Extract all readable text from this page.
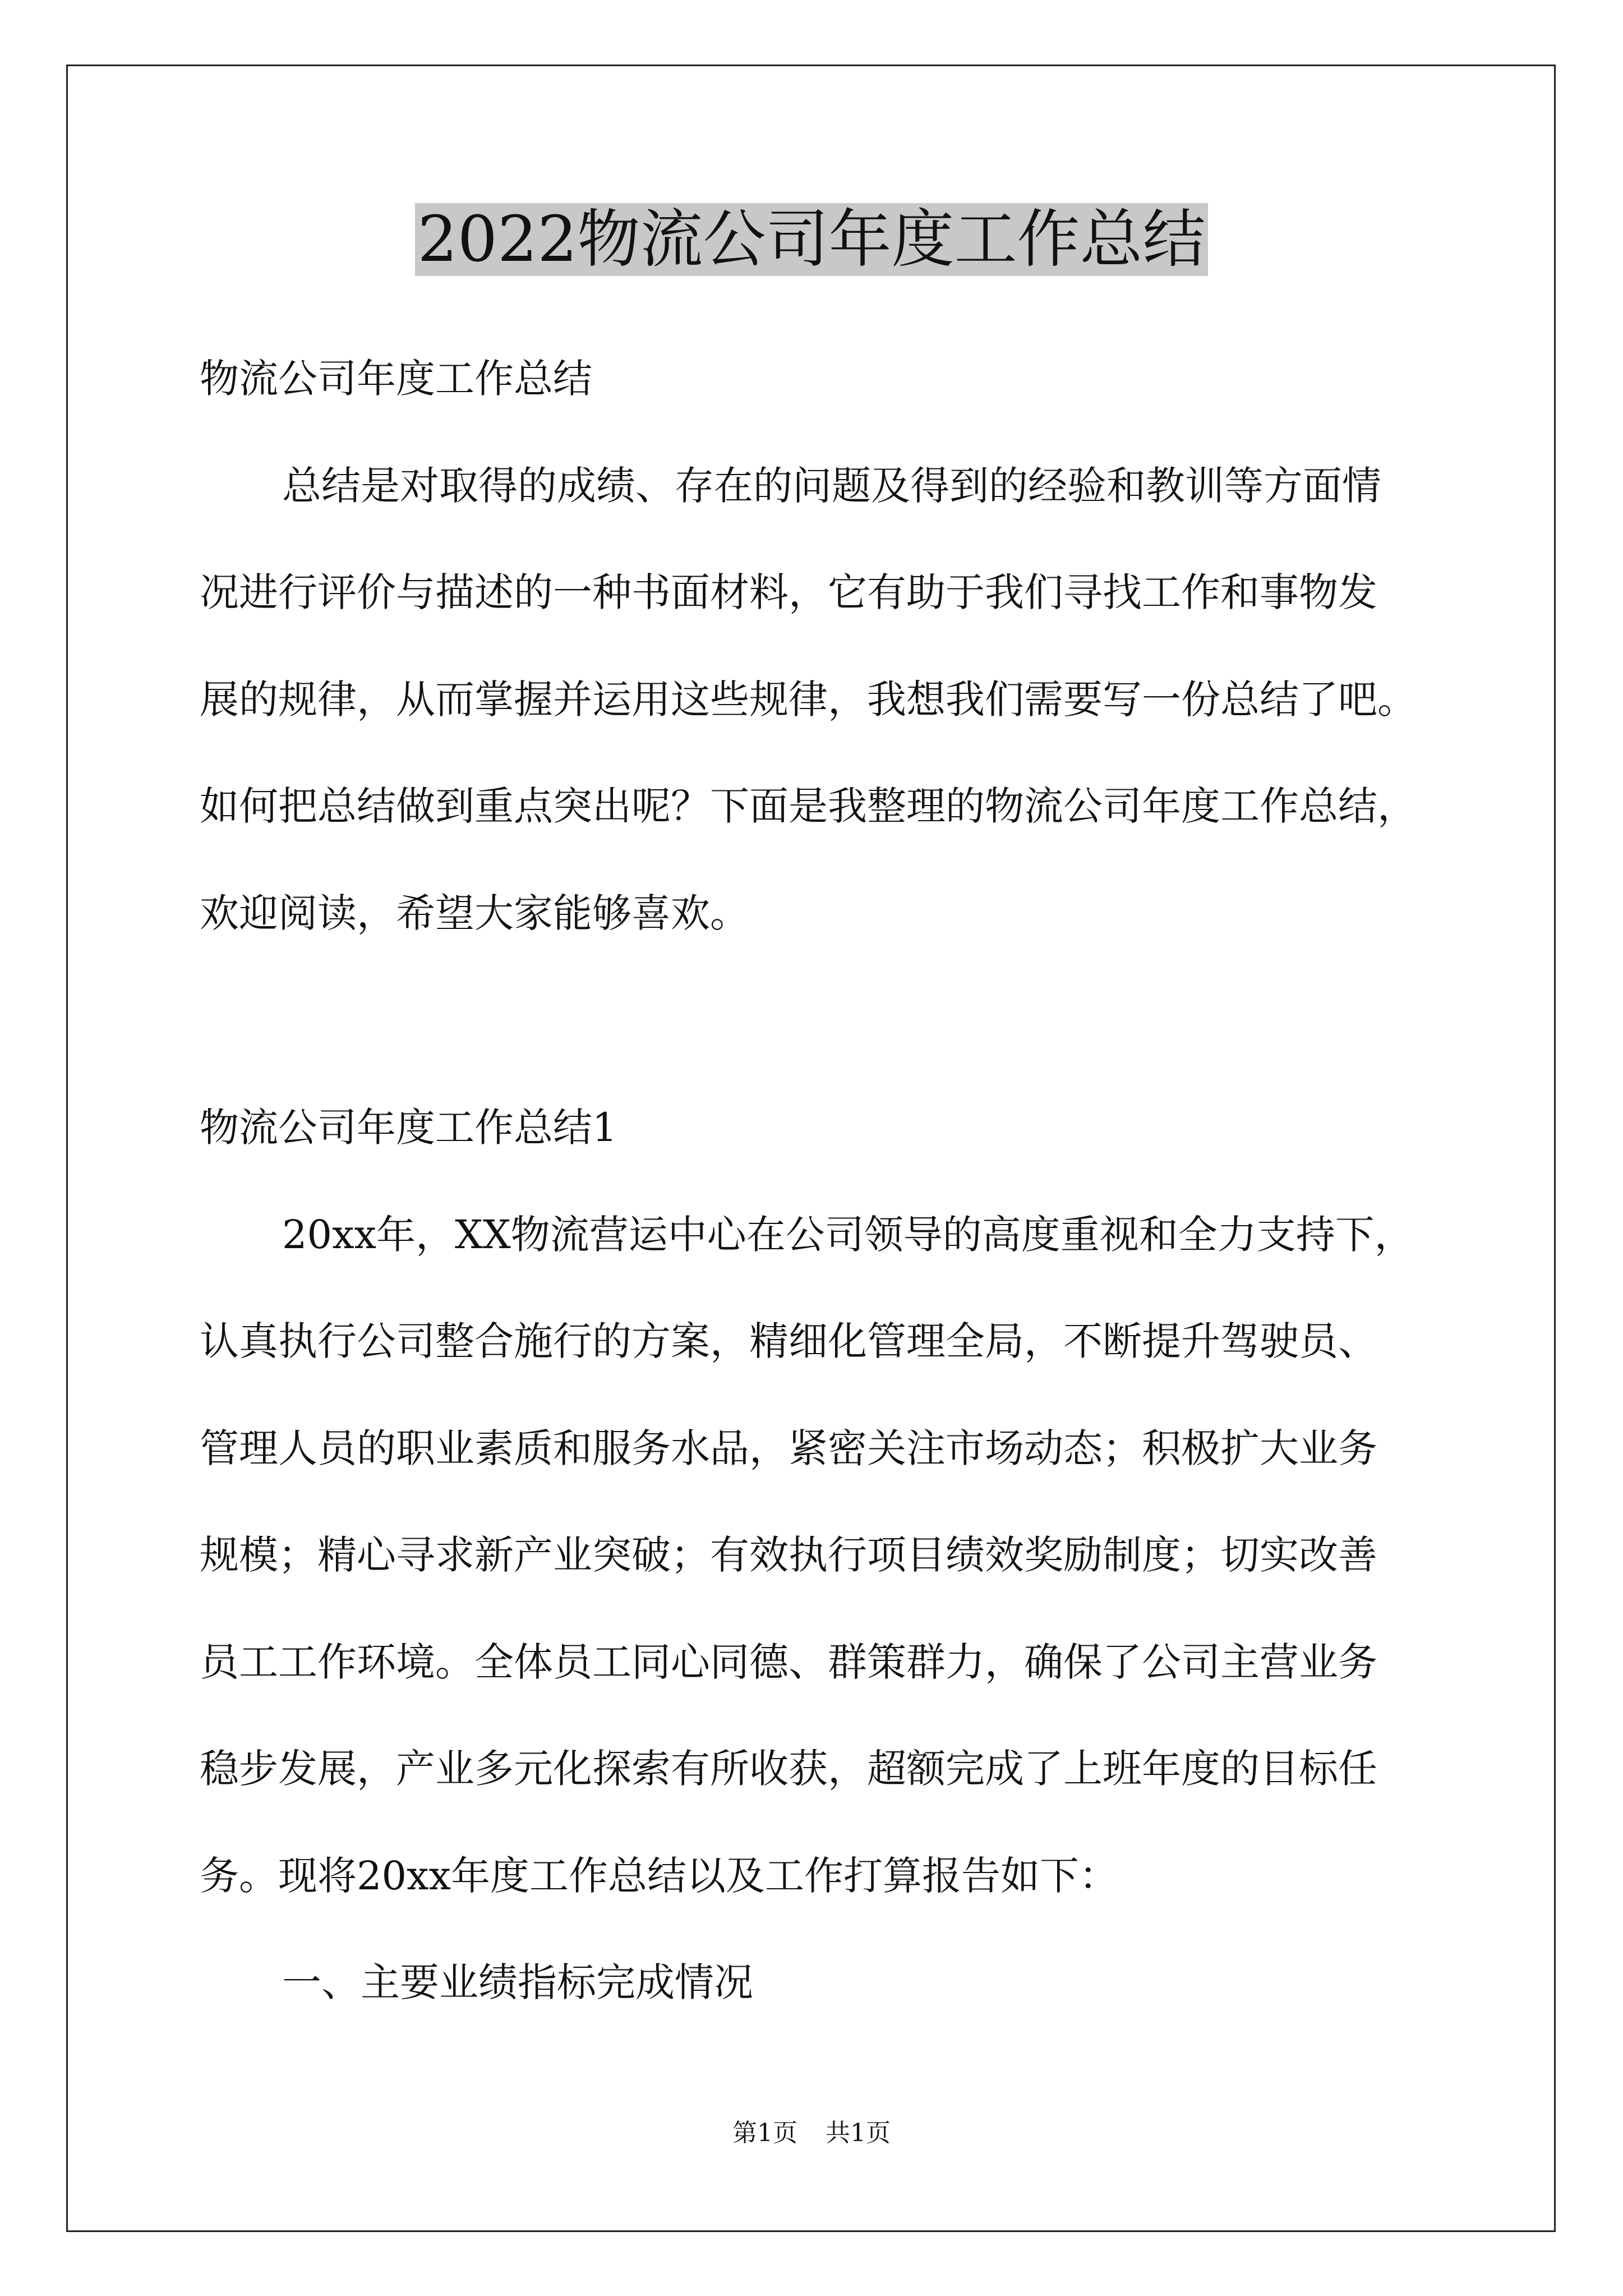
2022物流公司年度工作总结

物流公司年度工作总结

总结是对取得的成绩、存在的问题及得到的经验和教训等方面情

况进行评价与描述的一种书面材料，它有助于我们寻找工作和事物发

展的规律，从而掌握并运用这些规律，我想我们需要写一份总结了吧。

如何把总结做到重点突出呢？下面是我整理的物流公司年度工作总结，

欢迎阅读，希望大家能够喜欢。

物流公司年度工作总结1

20xx年，XX物流营运中心在公司领导的高度重视和全力支持下，

认真执行公司整合施行的方案，精细化管理全局，不断提升驾驶员、

管理人员的职业素质和服务水品，紧密关注市场动态；积极扩大业务

规模；精心寻求新产业突破；有效执行项目绩效奖励制度；切实改善

员工工作环境。全体员工同心同德、群策群力，确保了公司主营业务

稳步发展，产业多元化探索有所收获，超额完成了上班年度的目标任

务。现将20xx年度工作总结以及工作打算报告如下：

一、主要业绩指标完成情况

第1页 共1页
